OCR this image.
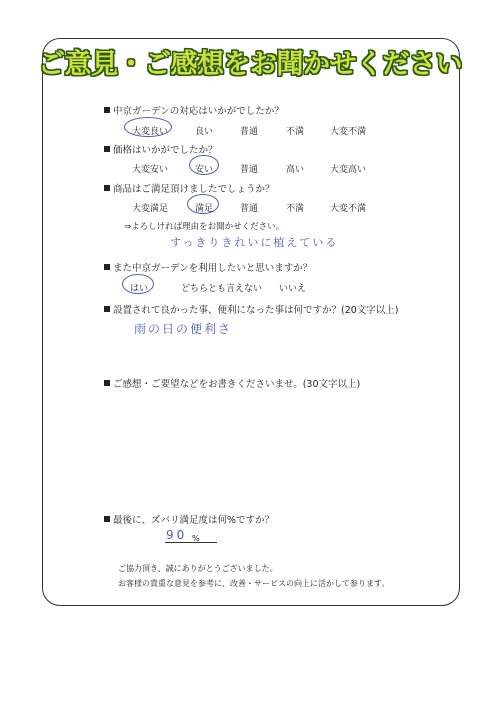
ご意見・ご感想をお聞かせください
中京ガーデンの対応はいかがでしたか？
大変良い	良い	普通	不満	大変不満
価格はいかがでしたか？
大変安い	安い	普通	高い	大変高い
商品はご満足頂けましたでしょうか？
大変満足	満足	普通	不満	大変不満
⇒よろしければ理由をお聞かせください。
すっきりきれいに植えている
また中京ガーデンを利用したいと思いますか？
はい	どちらとも言えない いいえ
設置されて良かった事、便利になった事は何ですか？(20文字以上)
雨の日の便利さ
ご感想・ご要望などをお書きくださいませ。(30文字以上)
最後に、ズバリ満足度は何%ですか？
90 %
ご協力頂き、誠にありがとうございました。
お客様の貴重な意見を参考に、改善・サービスの向上に活かして参ります。
